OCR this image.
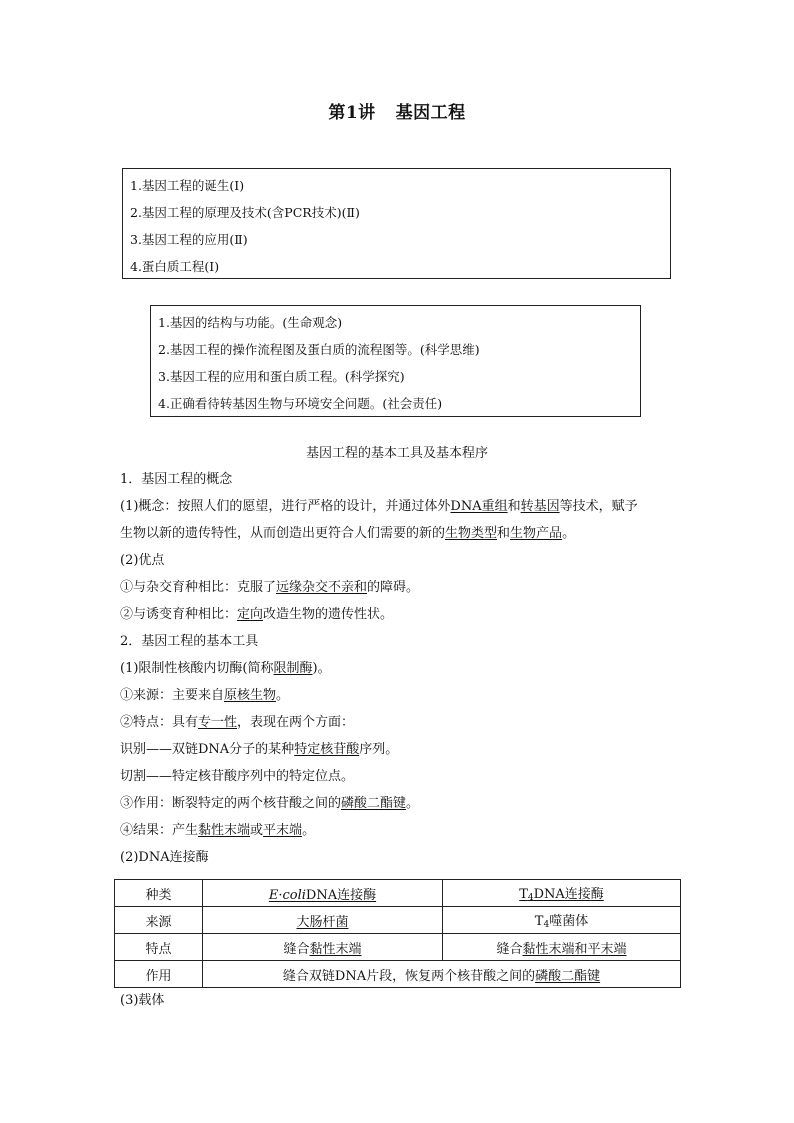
第1讲 基因工程
1.基因工程的诞生(Ⅰ)
2.基因工程的原理及技术(含PCR技术)(Ⅱ)
3.基因工程的应用(Ⅱ)
4.蛋白质工程(Ⅰ)
1.基因的结构与功能。(生命观念)
2.基因工程的操作流程图及蛋白质的流程图等。(科学思维)
3.基因工程的应用和蛋白质工程。(科学探究)
4.正确看待转基因生物与环境安全问题。(社会责任)
基因工程的基本工具及基本程序
1．基因工程的概念
(1)概念：按照人们的愿望，进行严格的设计，并通过体外DNA重组和转基因等技术，赋予
生物以新的遗传特性，从而创造出更符合人们需要的新的生物类型和生物产品。
(2)优点
①与杂交育种相比：克服了远缘杂交不亲和的障碍。
②与诱变育种相比：定向改造生物的遗传性状。
2．基因工程的基本工具
(1)限制性核酸内切酶(简称限制酶)。
①来源：主要来自原核生物。
②特点：具有专一性，表现在两个方面：
识别——双链DNA分子的某种特定核苷酸序列。
切割——特定核苷酸序列中的特定位点。
③作用：断裂特定的两个核苷酸之间的磷酸二酯键。
④结果：产生黏性末端或平末端。
(2)DNA连接酶
种类	E·coliDNA连接酶	$T_4DNA$连接酶
来源	大肠杆菌	$T_4$噬菌体
特点	缝合黏性末端	缝合黏性末端和平末端
作用	缝合双链DNA片段，恢复两个核苷酸之间的磷酸二酯键	
(3)载体
